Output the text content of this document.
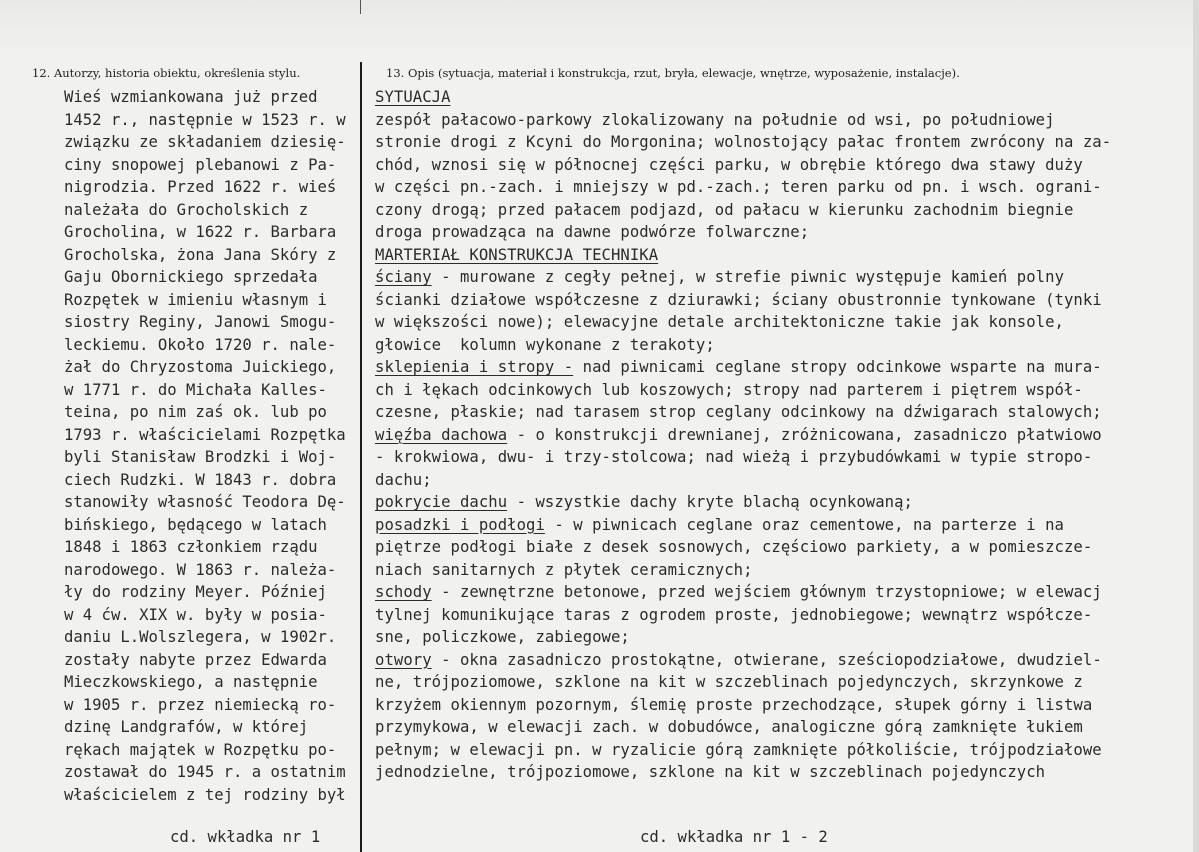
12. Autorzy, historia obiektu, określenia stylu.	13. Opis (sytuacja, materiał i konstrukcja, rzut, bryła, elewacje, wnętrze, wyposażenie, instalacje).
Wieś wzmiankowana już przed
1452 r., następnie w 1523 r. w
związku ze składaniem dziesię-
ciny snopowej plebanowi z Pa-
nigrodzia. Przed 1622 r. wieś
należała do Grocholskich z
Grocholina, w 1622 r. Barbara
Grocholska, żona Jana Skóry z
Gaju Obornickiego sprzedała
Rozpętek w imieniu własnym i
siostry Reginy, Janowi Smogu-
leckiemu. Około 1720 r. nale-
żał do Chryzostoma Juickiego,
w 1771 r. do Michała Kalles-
teina, po nim zaś ok. lub po
1793 r. właścicielami Rozpętka
byli Stanisław Brodzki i Woj-
ciech Rudzki. W 1843 r. dobra
stanowiły własność Teodora Dę-
bińskiego, będącego w latach
1848 i 1863 członkiem rządu
narodowego. W 1863 r. należa-
ły do rodziny Meyer. Później
w 4 ćw. XIX w. były w posia-
daniu L.Wolszlegera, w 1902r.
zostały nabyte przez Edwarda
Mieczkowskiego, a następnie
w 1905 r. przez niemiecką ro-
dzinę Landgrafów, w której
rękach majątek w Rozpętku po-
zostawał do 1945 r. a ostatnim
właścicielem z tej rodziny był
SYTUACJA
zespół pałacowo-parkowy zlokalizowany na południe od wsi, po południowej
stronie drogi z Kcyni do Morgonina; wolnostojący pałac frontem zwrócony na za-
chód, wznosi się w północnej części parku, w obrębie którego dwa stawy duży
w części pn.-zach. i mniejszy w pd.-zach.; teren parku od pn. i wsch. ograni-
czony drogą; przed pałacem podjazd, od pałacu w kierunku zachodnim biegnie
droga prowadząca na dawne podwórze folwarczne;
MARTERIAŁ KONSTRUKCJA TECHNIKA
ściany - murowane z cegły pełnej, w strefie piwnic występuje kamień polny
ścianki działowe współczesne z dziurawki; ściany obustronnie tynkowane (tynki
w większości nowe); elewacyjne detale architektoniczne takie jak konsole,
głowice  kolumn wykonane z terakoty;
sklepienia i stropy - nad piwnicami ceglane stropy odcinkowe wsparte na mura-
ch i łękach odcinkowych lub koszowych; stropy nad parterem i piętrem współ-
czesne, płaskie; nad tarasem strop ceglany odcinkowy na dźwigarach stalowych;
więźba dachowa - o konstrukcji drewnianej, zróżnicowana, zasadniczo płatwiowo
- krokwiowa, dwu- i trzy-stolcowa; nad wieżą i przybudówkami w typie stropo-
dachu;
pokrycie dachu - wszystkie dachy kryte blachą ocynkowaną;
posadzki i podłogi - w piwnicach ceglane oraz cementowe, na parterze i na
piętrze podłogi białe z desek sosnowych, częściowo parkiety, a w pomieszcze-
niach sanitarnych z płytek ceramicznych;
schody - zewnętrzne betonowe, przed wejściem głównym trzystopniowe; w elewacj
tylnej komunikujące taras z ogrodem proste, jednobiegowe; wewnątrz współcze-
sne, policzkowe, zabiegowe;
otwory - okna zasadniczo prostokątne, otwierane, sześciopodziałowe, dwudziel-
ne, trójpoziomowe, szklone na kit w szczeblinach pojedynczych, skrzynkowe z
krzyżem okiennym pozornym, ślemię proste przechodzące, słupek górny i listwa
przymykowa, w elewacji zach. w dobudówce, analogiczne górą zamknięte łukiem
pełnym; w elewacji pn. w ryzalicie górą zamknięte półkoliście, trójpodziałowe
jednodzielne, trójpoziomowe, szklone na kit w szczeblinach pojedynczych
cd. wkładka nr 1	cd. wkładka nr 1 - 2
